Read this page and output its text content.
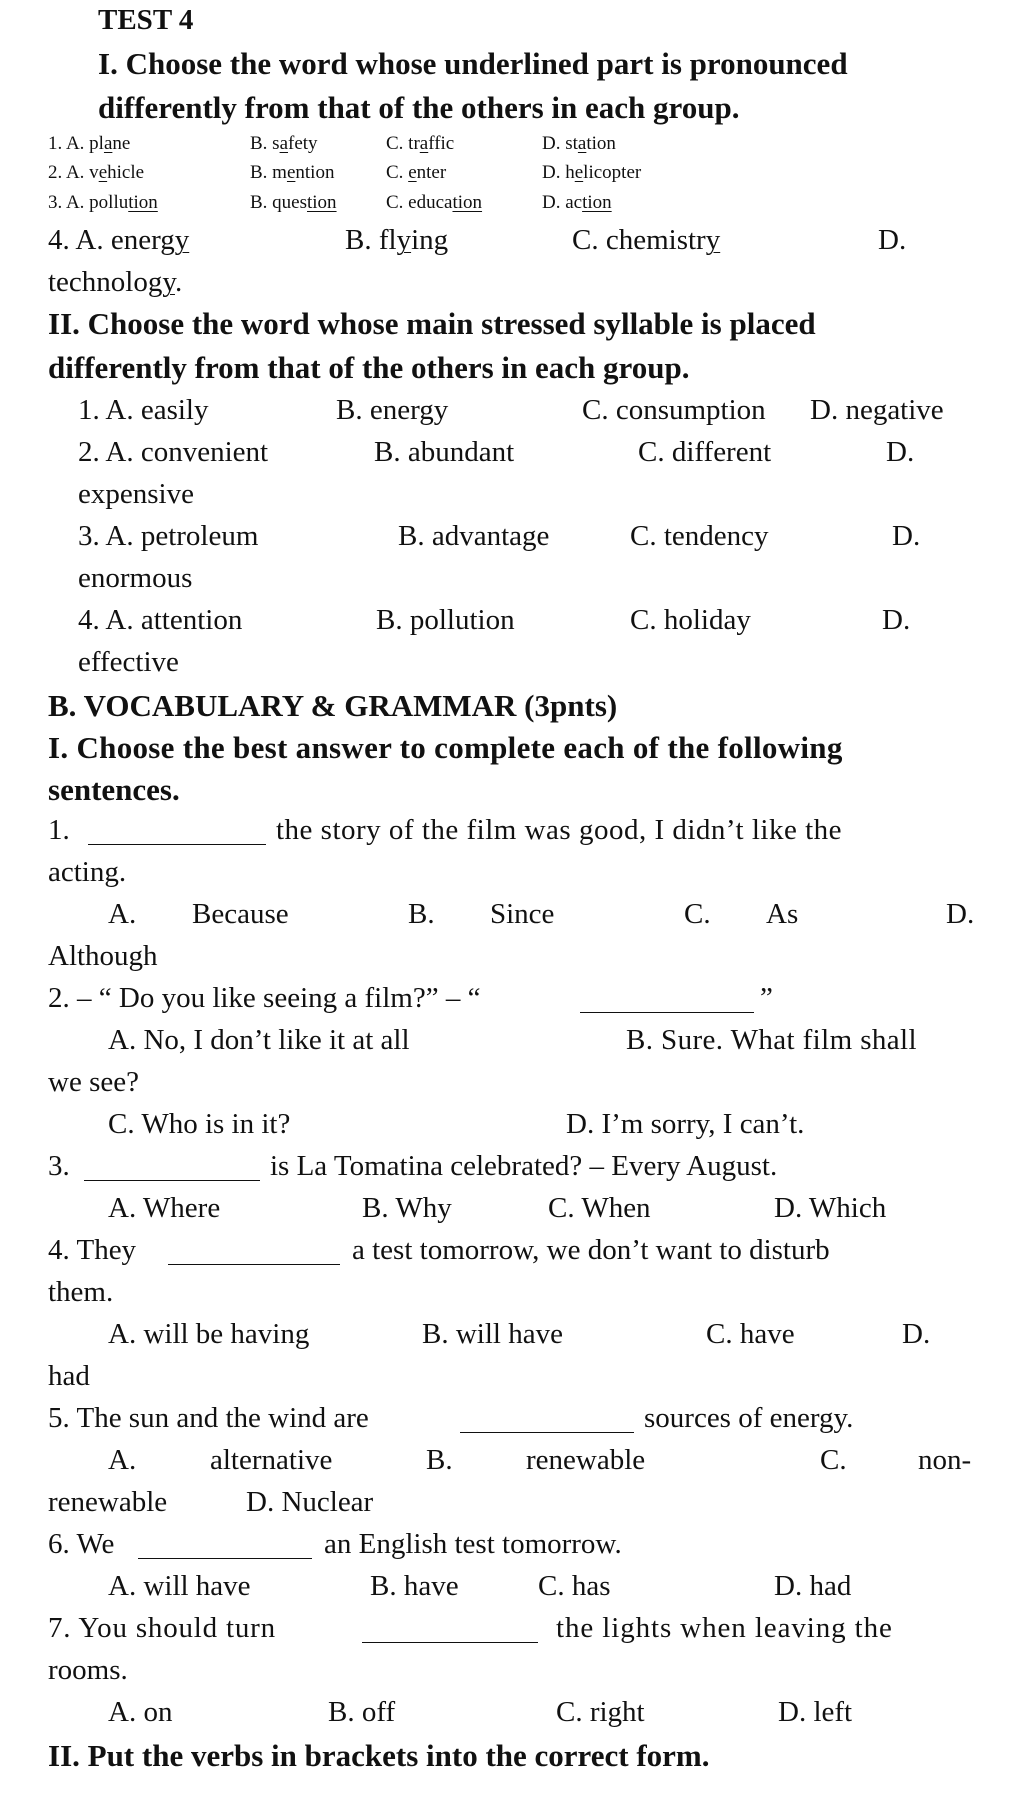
TEST 4
I. Choose the word whose underlined part is pronounced
differently from that of the others in each group.
1. A. plane	B. safety	C. traffic	D. station
2. A. vehicle	B. mention	C. enter	D. helicopter
3. A. pollution	B. question	C. education	D. action
4. A. energy	B. flying	C. chemistry	D.
technology.
II. Choose the word whose main stressed syllable is placed
differently from that of the others in each group.
1. A. easily	B. energy	C. consumption D. negative
2. A. convenient	B. abundant	C. different	D.
expensive
3. A. petroleum	B. advantage	C. tendency	D.
enormous
4. A. attention	B. pollution	C. holiday	D.
effective
B. VOCABULARY & GRAMMAR (3pnts)
I. Choose the best answer to complete each of the following
sentences.
1.	the story of the film was good, I didn’t like the
acting.
A. Because	B. Since	C. As	D.
Although
2. – “ Do you like seeing a film?” – “	”
A. No, I don’t like it at all	B. Sure. What film shall
we see?
C. Who is in it?	D. I’m sorry, I can’t.
3.	is La Tomatina celebrated? – Every August.
A. Where	B. Why	C. When	D. Which
4. They	a test tomorrow, we don’t want to disturb
them.
A. will be having	B. will have	C. have	D.
had
5. The sun and the wind are	sources of energy.
A.	alternative	B.	renewable	C. non-
renewable	D. Nuclear
6. We	an English test tomorrow.
A. will have	B. have	C. has	D. had
7. You should turn	the lights when leaving the
rooms.
A. on	B. off	C. right	D. left
II. Put the verbs in brackets into the correct form.
